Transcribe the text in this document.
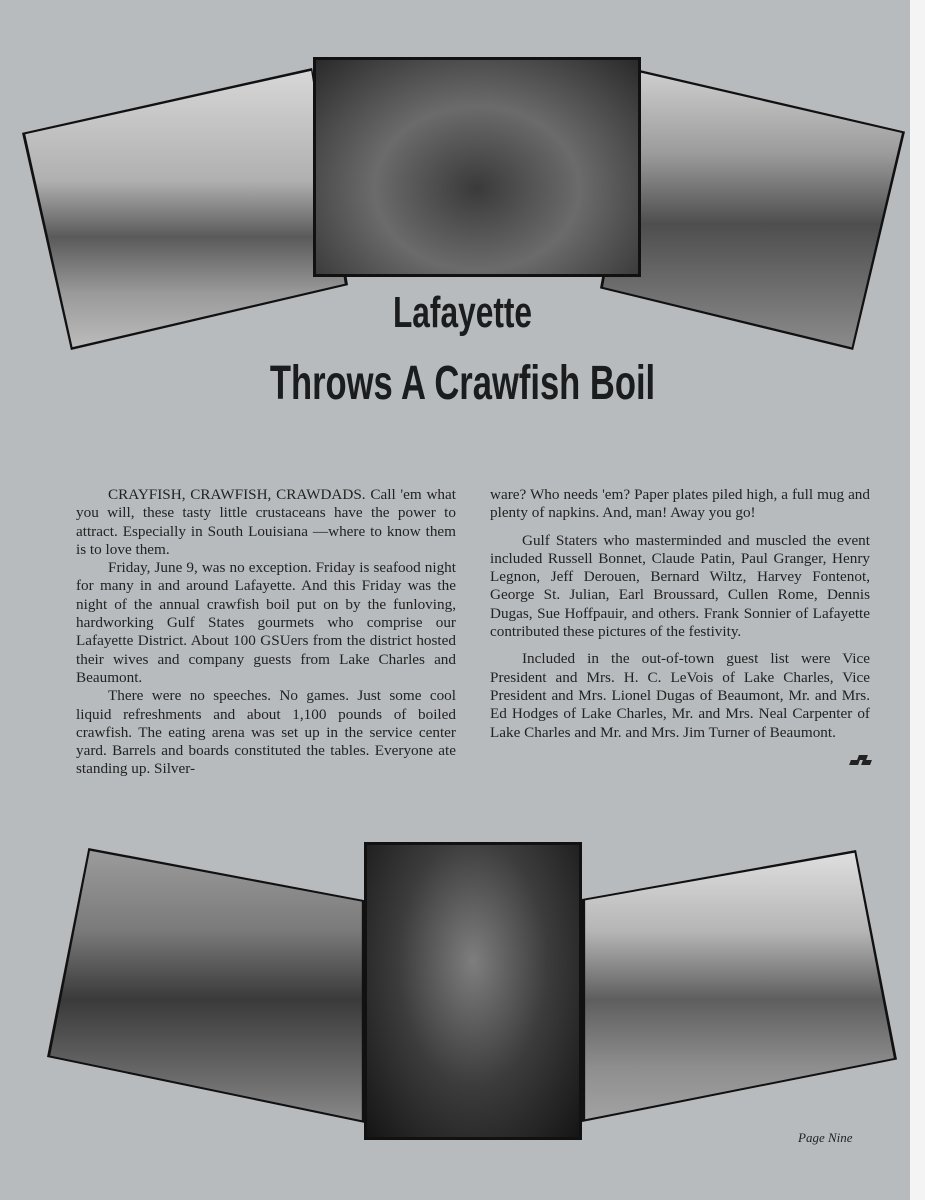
Lafayette
Throws A Crawfish Boil

CRAYFISH, CRAWFISH, CRAWDADS. Call 'em what you will, these tasty little crustaceans have the power to attract. Especially in South Louisiana —where to know them is to love them.

Friday, June 9, was no exception. Friday is seafood night for many in and around Lafayette. And this Friday was the night of the annual crawfish boil put on by the funloving, hardworking Gulf States gourmets who comprise our Lafayette District. About 100 GSUers from the district hosted their wives and company guests from Lake Charles and Beaumont.

There were no speeches. No games. Just some cool liquid refreshments and about 1,100 pounds of boiled crawfish. The eating arena was set up in the service center yard. Barrels and boards constituted the tables. Everyone ate standing up. Silver-

ware? Who needs 'em? Paper plates piled high, a full mug and plenty of napkins. And, man! Away you go!

Gulf Staters who masterminded and muscled the event included Russell Bonnet, Claude Patin, Paul Granger, Henry Legnon, Jeff Derouen, Bernard Wiltz, Harvey Fontenot, George St. Julian, Earl Broussard, Cullen Rome, Dennis Dugas, Sue Hoffpauir, and others. Frank Sonnier of Lafayette contributed these pictures of the festivity.

Included in the out-of-town guest list were Vice President and Mrs. H. C. LeVois of Lake Charles, Vice President and Mrs. Lionel Dugas of Beaumont, Mr. and Mrs. Ed Hodges of Lake Charles, Mr. and Mrs. Neal Carpenter of Lake Charles and Mr. and Mrs. Jim Turner of Beaumont.

Page Nine
